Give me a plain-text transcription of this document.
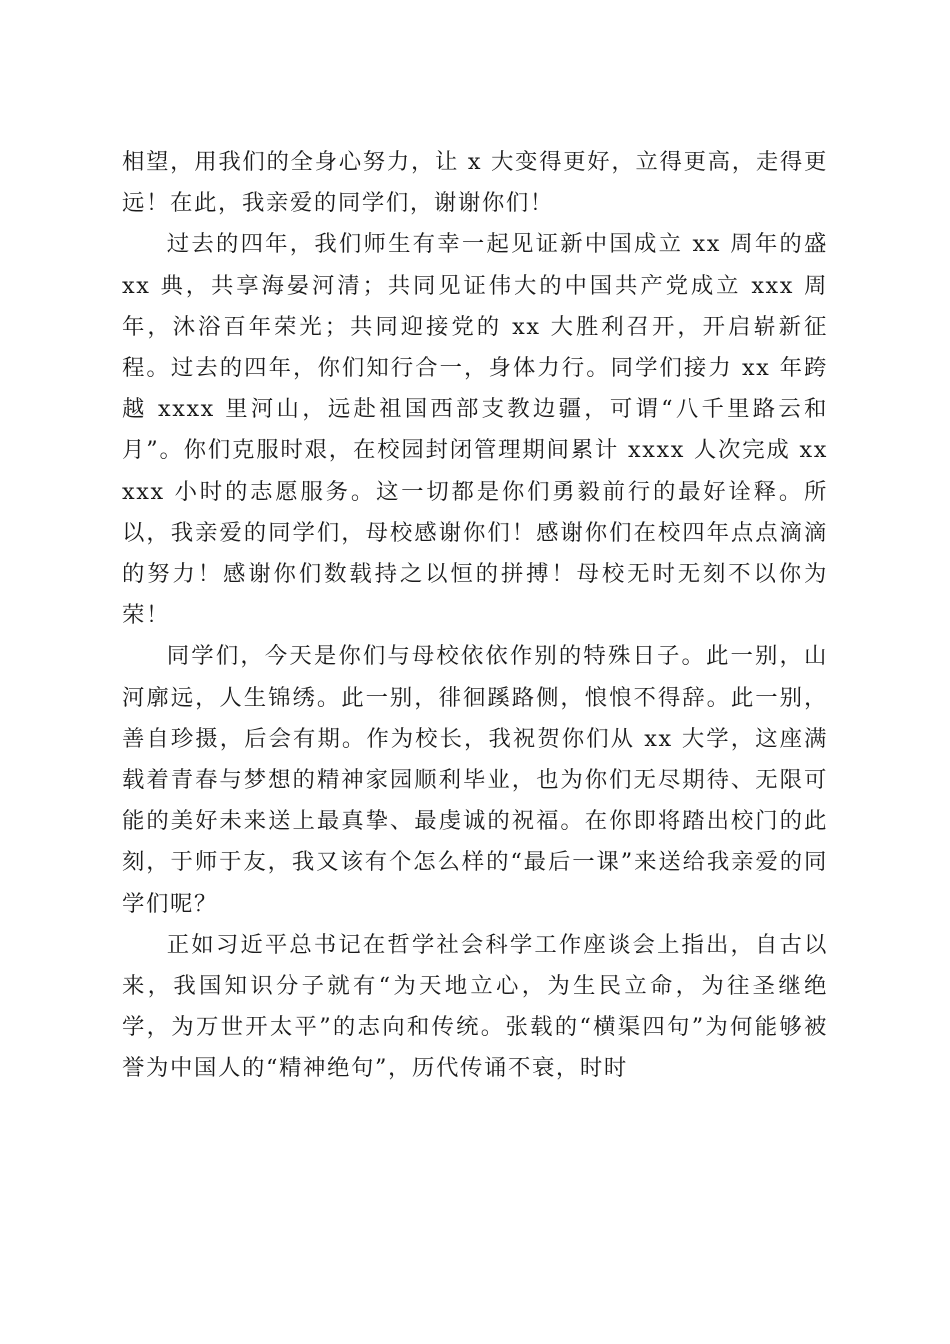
相望，用我们的全身心努力，让 x 大变得更好，立得更高，走得更远！在此，我亲爱的同学们，谢谢你们！

过去的四年，我们师生有幸一起见证新中国成立 xx 周年的盛 xx 典，共享海晏河清；共同见证伟大的中国共产党成立 xxx 周年，沐浴百年荣光；共同迎接党的 xx 大胜利召开，开启崭新征程。过去的四年，你们知行合一，身体力行。同学们接力 xx 年跨越 xxxx 里河山，远赴祖国西部支教边疆，可谓“八千里路云和月”。你们克服时艰，在校园封闭管理期间累计 xxxx 人次完成 xxxxx 小时的志愿服务。这一切都是你们勇毅前行的最好诠释。所以，我亲爱的同学们，母校感谢你们！感谢你们在校四年点点滴滴的努力！感谢你们数载持之以恒的拼搏！母校无时无刻不以你为荣！

同学们，今天是你们与母校依依作别的特殊日子。此一别，山河廓远，人生锦绣。此一别，徘徊蹊路侧，悢悢不得辞。此一别，善自珍摄，后会有期。作为校长，我祝贺你们从 xx 大学，这座满载着青春与梦想的精神家园顺利毕业，也为你们无尽期待、无限可能的美好未来送上最真挚、最虔诚的祝福。在你即将踏出校门的此刻，于师于友，我又该有个怎么样的“最后一课”来送给我亲爱的同学们呢？

正如习近平总书记在哲学社会科学工作座谈会上指出，自古以来，我国知识分子就有“为天地立心，为生民立命，为往圣继绝学，为万世开太平”的志向和传统。张载的“横渠四句”为何能够被誉为中国人的“精神绝句”，历代传诵不衰，时时
